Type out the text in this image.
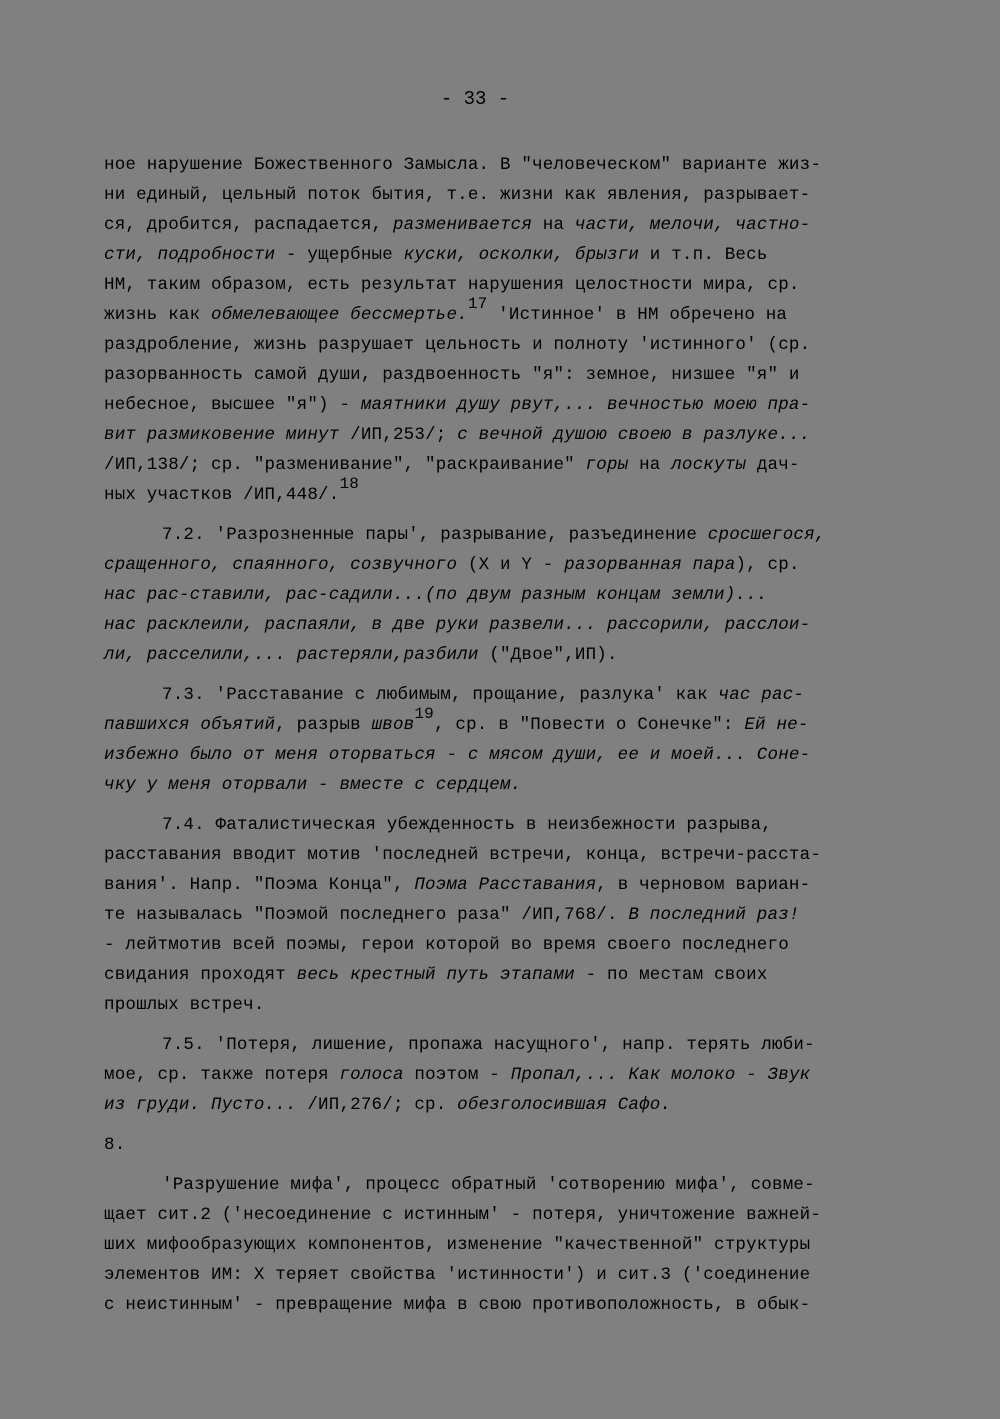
- 33 -
ное нарушение Божественного Замысла. В "человеческом" варианте жиз-
ни единый, цельный поток бытия, т.е. жизни как явления, разрывает-
ся, дробится, распадается, разменивается на части, мелочи, частно-
сти, подробности - ущербные куски, осколки, брызги и т.п. Весь
НМ, таким образом, есть результат нарушения целостности мира, ср.
жизнь как обмелевающее бессмертье.$^{17}$ 'Истинное' в НМ обречено на
раздробление, жизнь разрушает цельность и полноту 'истинного' (ср.
разорванность самой души, раздвоенность "я": земное, низшее "я" и
небесное, высшее "я") - маятники душу рвут,... вечностью моею пра-
вит размиковение минут /ИП,253/; с вечной душою своею в разлуке...
/ИП,138/; ср. "разменивание", "раскраивание" горы на лоскуты дач-
ных участков /ИП,448/.$^{18}$
7.2. 'Разрозненные пары', разрывание, разъединение сросшегося,
сращенного, спаянного, созвучного (X и Y - разорванная пара), ср.
нас рас-ставили, рас-садили...(по двум разным концам земли)...
нас расклеили, распаяли, в две руки развели... рассорили, расслои-
ли, расселили,... растеряли,разбили ("Двое",ИП).
7.3. 'Расставание с любимым, прощание, разлука' как час рас-
павшихся объятий, разрыв швов$^{19}$, ср. в "Повести о Сонечке": Ей не-
избежно было от меня оторваться - с мясом души, ее и моей... Соне-
чку у меня оторвали - вместе с сердцем.
7.4. Фаталистическая убежденность в неизбежности разрыва,
расставания вводит мотив 'последней встречи, конца, встречи-расста-
вания'. Напр. "Поэма Конца", Поэма Расставания, в черновом вариан-
те называлась "Поэмой последнего раза" /ИП,768/. В последний раз!
- лейтмотив всей поэмы, герои которой во время своего последнего
свидания проходят весь крестный путь этапами - по местам своих
прошлых встреч.
7.5. 'Потеря, лишение, пропажа насущного', напр. терять люби-
мое, ср. также потеря голоса поэтом - Пропал,... Как молоко - Звук
из груди. Пусто... /ИП,276/; ср. обезголосившая Сафо.
8.
'Разрушение мифа', процесс обратный 'сотворению мифа', совме-
щает сит.2 ('несоединение с истинным' - потеря, уничтожение важней-
ших мифообразующих компонентов, изменение "качественной" структуры
элементов ИМ: X теряет свойства 'истинности') и сит.3 ('соединение
с неистинным' - превращение мифа в свою противоположность, в обык-
